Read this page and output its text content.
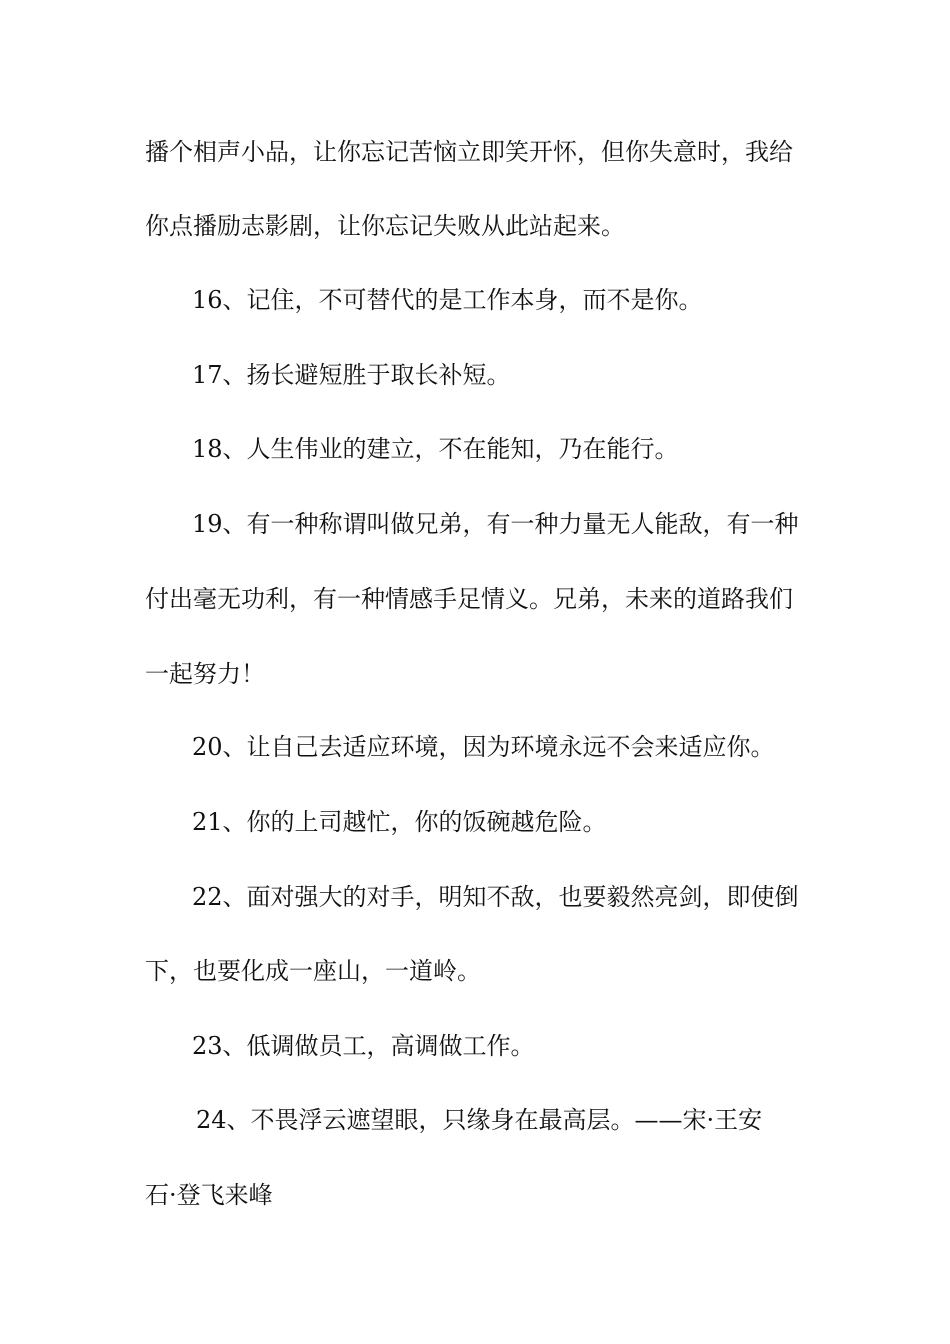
播个相声小品，让你忘记苦恼立即笑开怀，但你失意时，我给
你点播励志影剧，让你忘记失败从此站起来。
16、记住，不可替代的是工作本身，而不是你。
17、扬长避短胜于取长补短。
18、人生伟业的建立，不在能知，乃在能行。
19、有一种称谓叫做兄弟，有一种力量无人能敌，有一种
付出毫无功利，有一种情感手足情义。兄弟，未来的道路我们
一起努力！
20、让自己去适应环境，因为环境永远不会来适应你。
21、你的上司越忙，你的饭碗越危险。
22、面对强大的对手，明知不敌，也要毅然亮剑，即使倒
下，也要化成一座山，一道岭。
23、低调做员工，高调做工作。
24、不畏浮云遮望眼，只缘身在最高层。——宋·王安
石·登飞来峰
